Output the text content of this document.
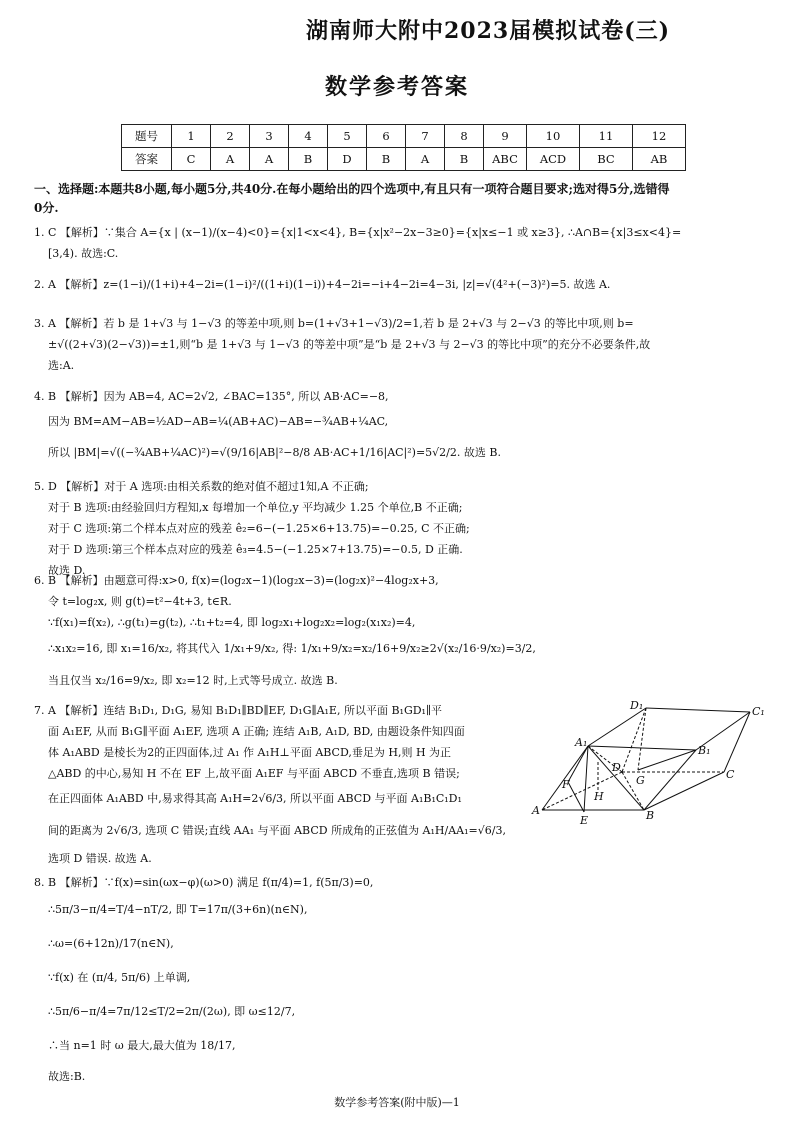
湖南师大附中2023届模拟试卷(三)
数学参考答案
题号	1	2	3	4	5	6	7	8	9	10	11	12
答案	C	A	A	B	D	B	A	B	ABC	ACD	BC	AB
一、选择题:本题共8小题,每小题5分,共40分.在每小题给出的四个选项中,有且只有一项符合题目要求;选对得5分,选错得
0分.
1. C 【解析】∵集合 A={x | (x−1)/(x−4)<0}={x|1<x<4}, B={x|x²−2x−3≥0}={x|x≤−1 或 x≥3}, ∴A∩B={x|3≤x<4}=
[3,4). 故选:C.
2. A 【解析】z=(1−i)/(1+i)+4−2i=(1−i)²/((1+i)(1−i))+4−2i=−i+4−2i=4−3i, |z|=√(4²+(−3)²)=5. 故选 A.
3. A 【解析】若 b 是 1+√3 与 1−√3 的等差中项,则 b=(1+√3+1−√3)/2=1,若 b 是 2+√3 与 2−√3 的等比中项,则 b=
±√((2+√3)(2−√3))=±1,则“b 是 1+√3 与 1−√3 的等差中项”是“b 是 2+√3 与 2−√3 的等比中项”的充分不必要条件,故
选:A.
4. B 【解析】因为 AB=4, AC=2√2, ∠BAC=135°, 所以 AB·AC=−8,
因为 BM=AM−AB=½AD−AB=¼(AB+AC)−AB=−¾AB+¼AC,
所以 |BM|=√((−¾AB+¼AC)²)=√(9/16|AB|²−8/8 AB·AC+1/16|AC|²)=5√2/2. 故选 B.
5. D 【解析】对于 A 选项:由相关系数的绝对值不超过1知,A 不正确;
对于 B 选项:由经验回归方程知,x 每增加一个单位,y 平均减少 1.25 个单位,B 不正确;
对于 C 选项:第二个样本点对应的残差 ê₂=6−(−1.25×6+13.75)=−0.25, C 不正确;
对于 D 选项:第三个样本点对应的残差 ê₃=4.5−(−1.25×7+13.75)=−0.5, D 正确.
故选 D.
6. B 【解析】由题意可得:x>0, f(x)=(log₂x−1)(log₂x−3)=(log₂x)²−4log₂x+3,
令 t=log₂x, 则 g(t)=t²−4t+3, t∈R.
∵f(x₁)=f(x₂), ∴g(t₁)=g(t₂), ∴t₁+t₂=4, 即 log₂x₁+log₂x₂=log₂(x₁x₂)=4,
∴x₁x₂=16, 即 x₁=16/x₂, 将其代入 1/x₁+9/x₂, 得: 1/x₁+9/x₂=x₂/16+9/x₂≥2√(x₂/16·9/x₂)=3/2,
当且仅当 x₂/16=9/x₂, 即 x₂=12 时,上式等号成立. 故选 B.
7. A 【解析】连结 B₁D₁, D₁G, 易知 B₁D₁∥BD∥EF, D₁G∥A₁E, 所以平面 B₁GD₁∥平
面 A₁EF, 从而 B₁G∥平面 A₁EF, 选项 A 正确; 连结 A₁B, A₁D, BD, 由题设条件知四面
体 A₁ABD 是棱长为2的正四面体,过 A₁ 作 A₁H⊥平面 ABCD,垂足为 H,则 H 为正
△ABD 的中心,易知 H 不在 EF 上,故平面 A₁EF 与平面 ABCD 不垂直,选项 B 错误;
在正四面体 A₁ABD 中,易求得其高 A₁H=2√6/3, 所以平面 ABCD 与平面 A₁B₁C₁D₁
间的距离为 2√6/3, 选项 C 错误;直线 AA₁ 与平面 ABCD 所成角的正弦值为 A₁H/AA₁=√6/3,
选项 D 错误. 故选 A.
D₁	C₁
A₁
B₁
D
C
F
H
G
A
E	B
8. B 【解析】∵f(x)=sin(ωx−φ)(ω>0) 满足 f(π/4)=1, f(5π/3)=0,
∴5π/3−π/4=T/4−nT/2, 即 T=17π/(3+6n)(n∈N),
∴ω=(6+12n)/17(n∈N),
∵f(x) 在 (π/4, 5π/6) 上单调,
∴5π/6−π/4=7π/12≤T/2=2π/(2ω), 即 ω≤12/7,
∴当 n=1 时 ω 最大,最大值为 18/17,
故选:B.
数学参考答案(附中版)—1
